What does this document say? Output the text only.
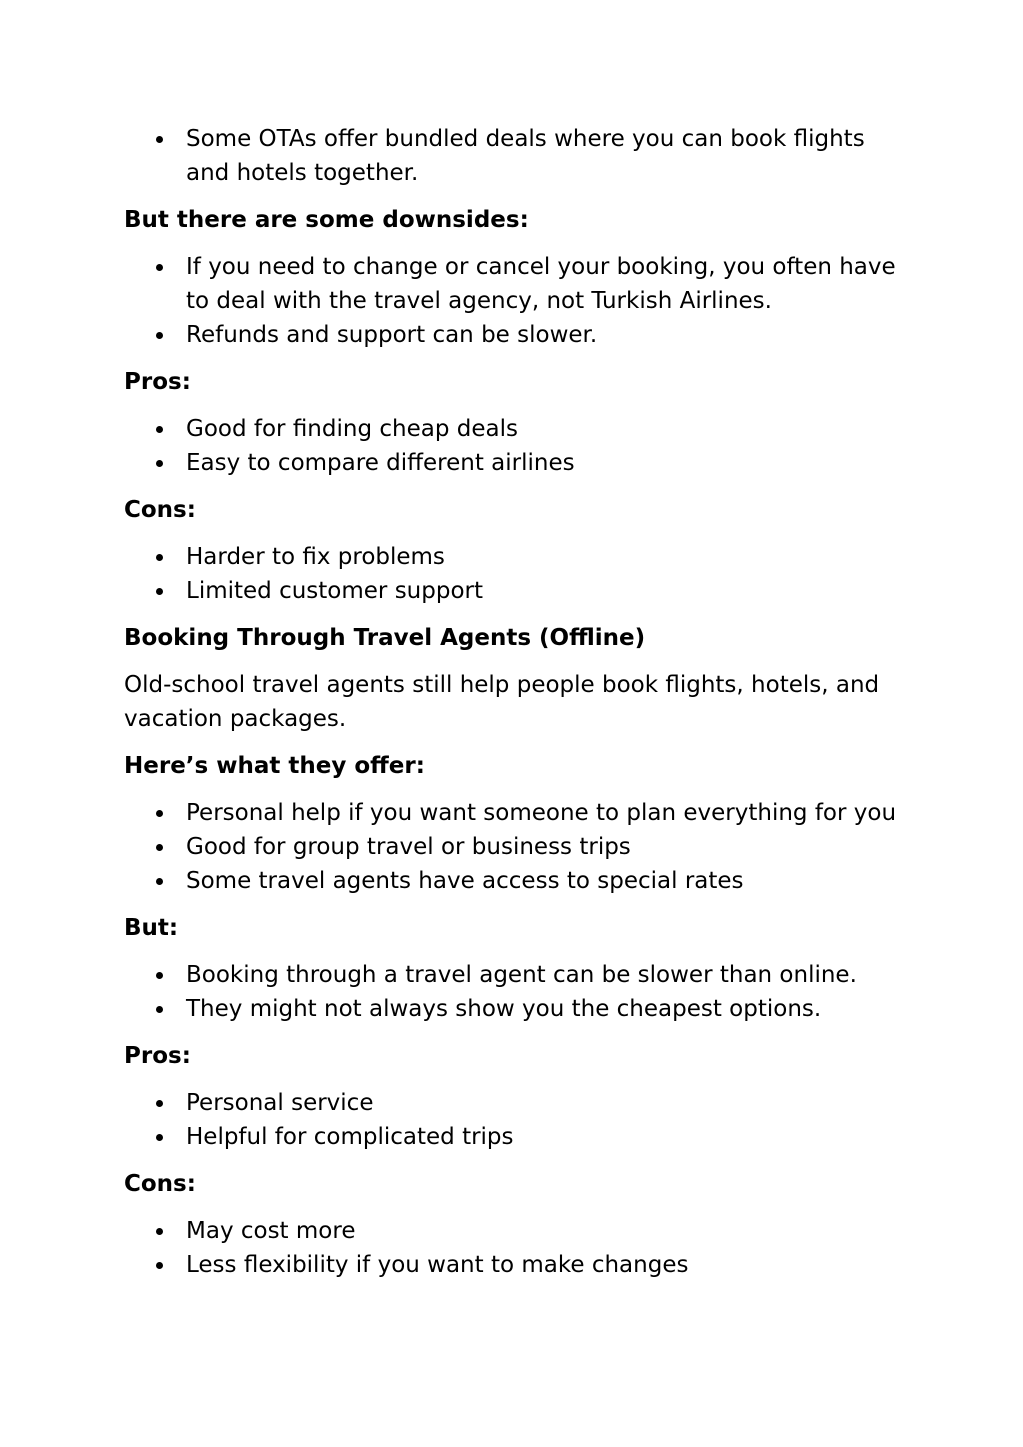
Some OTAs offer bundled deals where you can book flights and hotels together.
But there are some downsides:
If you need to change or cancel your booking, you often have to deal with the travel agency, not Turkish Airlines.
Refunds and support can be slower.
Pros:
Good for finding cheap deals
Easy to compare different airlines
Cons:
Harder to fix problems
Limited customer support
Booking Through Travel Agents (Offline)
Old-school travel agents still help people book flights, hotels, and vacation packages.
Here’s what they offer:
Personal help if you want someone to plan everything for you
Good for group travel or business trips
Some travel agents have access to special rates
But:
Booking through a travel agent can be slower than online.
They might not always show you the cheapest options.
Pros:
Personal service
Helpful for complicated trips
Cons:
May cost more
Less flexibility if you want to make changes
